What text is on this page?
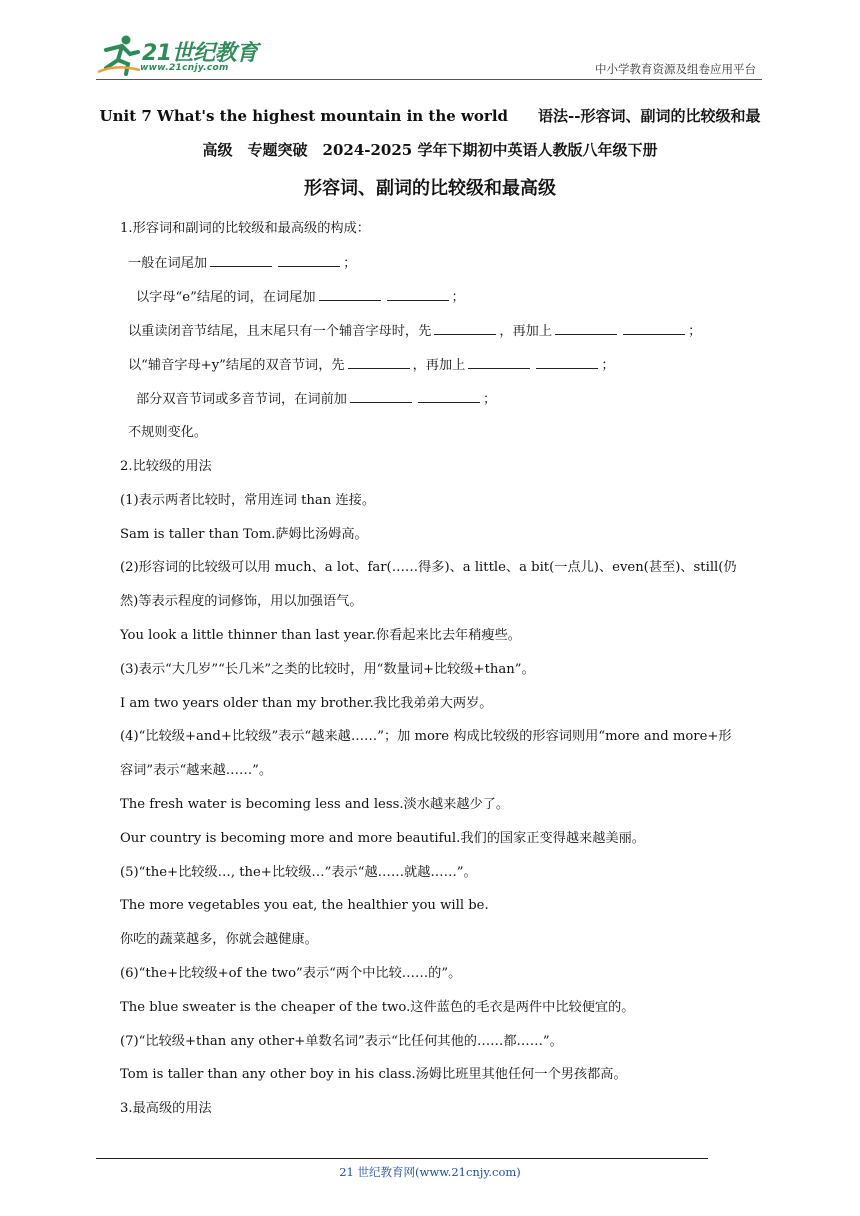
21世纪教育
www.21cnjy.com	中小学教育资源及组卷应用平台
Unit 7 What's the highest mountain in the world　　语法--形容词、副词的比较级和最
高级　专题突破　2024-2025 学年下期初中英语人教版八年级下册
形容词、副词的比较级和最高级
1.形容词和副词的比较级和最高级的构成：
一般在词尾加	；
以字母“e”结尾的词，在词尾加	；
以重读闭音节结尾，且末尾只有一个辅音字母时，先	，再加上	；
以“辅音字母+y”结尾的双音节词，先	，再加上	；
部分双音节词或多音节词，在词前加	；
不规则变化。
2.比较级的用法
(1)表示两者比较时，常用连词 than 连接。
Sam is taller than Tom.萨姆比汤姆高。
(2)形容词的比较级可以用 much、a lot、far(……得多)、a little、a bit(一点儿)、even(甚至)、still(仍
然)等表示程度的词修饰，用以加强语气。
You look a little thinner than last year.你看起来比去年稍瘦些。
(3)表示“大几岁”“长几米”之类的比较时，用“数量词+比较级+than”。
I am two years older than my brother.我比我弟弟大两岁。
(4)“比较级+and+比较级”表示“越来越……”；加 more 构成比较级的形容词则用“more and more+形
容词”表示“越来越……”。
The fresh water is becoming less and less.淡水越来越少了。
Our country is becoming more and more beautiful.我们的国家正变得越来越美丽。
(5)“the+比较级…, the+比较级…”表示“越……就越……”。
The more vegetables you eat, the healthier you will be.
你吃的蔬菜越多，你就会越健康。
(6)“the+比较级+of the two”表示“两个中比较……的”。
The blue sweater is the cheaper of the two.这件蓝色的毛衣是两件中比较便宜的。
(7)“比较级+than any other+单数名词”表示“比任何其他的……都……”。
Tom is taller than any other boy in his class.汤姆比班里其他任何一个男孩都高。
3.最高级的用法
21 世纪教育网(www.21cnjy.com)
